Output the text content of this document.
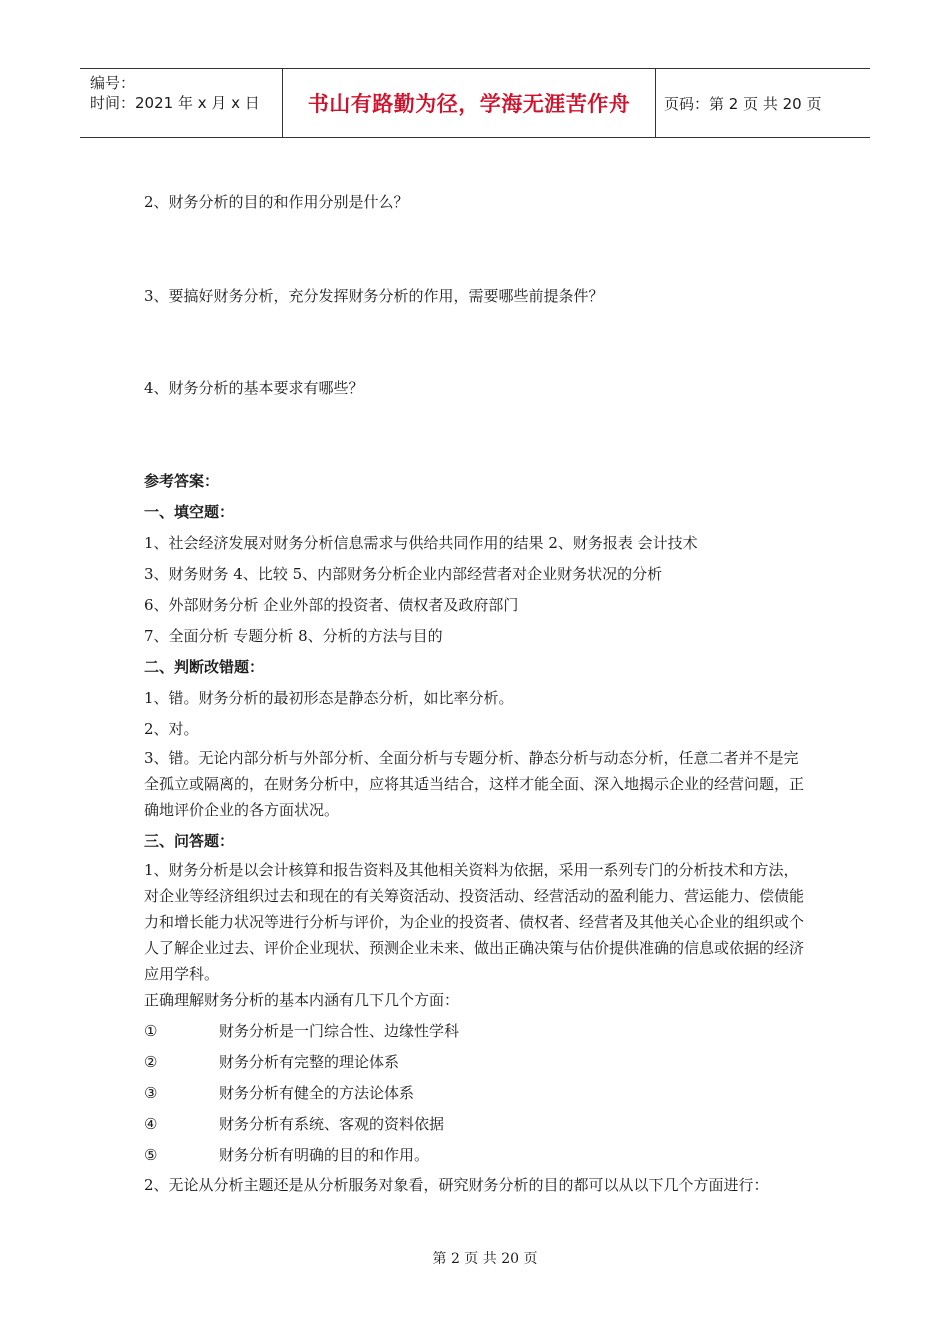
编号：
时间：2021 年 x 月 x 日	书山有路勤为径，学海无涯苦作舟	页码：第 2 页 共 20 页
2、财务分析的目的和作用分别是什么？
3、要搞好财务分析，充分发挥财务分析的作用，需要哪些前提条件？
4、财务分析的基本要求有哪些？
参考答案：
一、填空题：
1、社会经济发展对财务分析信息需求与供给共同作用的结果 2、财务报表 会计技术
3、财务财务 4、比较 5、内部财务分析企业内部经营者对企业财务状况的分析
6、外部财务分析 企业外部的投资者、债权者及政府部门
7、全面分析 专题分析 8、分析的方法与目的
二、判断改错题：
1、错。财务分析的最初形态是静态分析，如比率分析。
2、对。
3、错。无论内部分析与外部分析、全面分析与专题分析、静态分析与动态分析，任意二者并不是完全孤立或隔离的，在财务分析中，应将其适当结合，这样才能全面、深入地揭示企业的经营问题，正确地评价企业的各方面状况。
三、问答题：
1、财务分析是以会计核算和报告资料及其他相关资料为依据，采用一系列专门的分析技术和方法，对企业等经济组织过去和现在的有关筹资活动、投资活动、经营活动的盈利能力、营运能力、偿债能力和增长能力状况等进行分析与评价，为企业的投资者、债权者、经营者及其他关心企业的组织或个人了解企业过去、评价企业现状、预测企业未来、做出正确决策与估价提供准确的信息或依据的经济应用学科。
正确理解财务分析的基本内涵有几下几个方面：
①	财务分析是一门综合性、边缘性学科
②	财务分析有完整的理论体系
③	财务分析有健全的方法论体系
④	财务分析有系统、客观的资料依据
⑤	财务分析有明确的目的和作用。
2、无论从分析主题还是从分析服务对象看，研究财务分析的目的都可以从以下几个方面进行：
第 2 页 共 20 页
